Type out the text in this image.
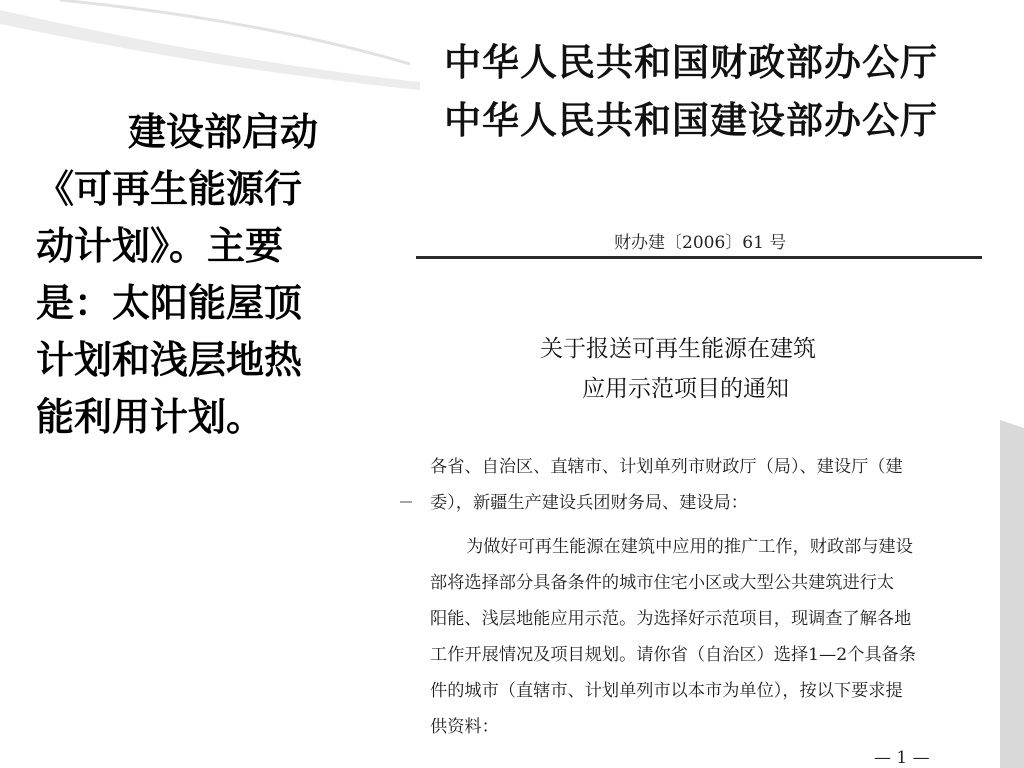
建设部启动
《可再生能源行
动计划》。主要
是：太阳能屋顶
计划和浅层地热
能利用计划。
中华人民共和国财政部办公厅
中华人民共和国建设部办公厅
财办建〔2006〕61 号
关于报送可再生能源在建筑
应用示范项目的通知
各省、自治区、直辖市、计划单列市财政厅（局）、建设厅（建
委），新疆生产建设兵团财务局、建设局：
为做好可再生能源在建筑中应用的推广工作，财政部与建设
部将选择部分具备条件的城市住宅小区或大型公共建筑进行太
阳能、浅层地能应用示范。为选择好示范项目，现调查了解各地
工作开展情况及项目规划。请你省（自治区）选择1—2个具备条
件的城市（直辖市、计划单列市以本市为单位），按以下要求提
供资料：
— 1 —
